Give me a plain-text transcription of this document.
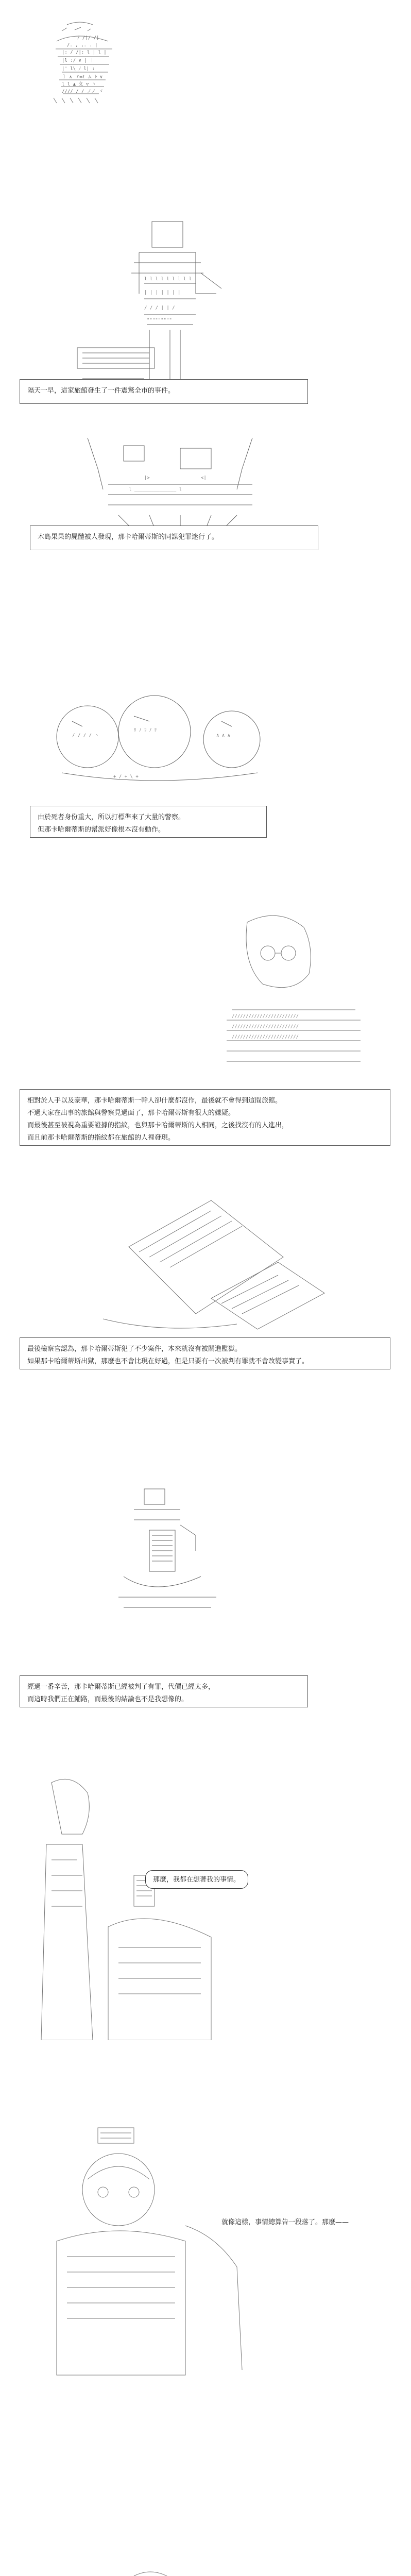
ﾉ /|/ /|
/. , ,. . |
|: / /|: l | l |
|l :/ ∨ | ｜
|' l\ ﾉ l| :
ｌ ∧ ゞ=ﾐ ム ﾄ ∨
l l ▲ 夂 ▽ 丶
//// / / ノノ ゞ
l l l l l l l l l
| | | | | | |
/ / / | | /
"""""""""

隔天一早，這家旅館發生了一件震驚全市的事件。

|>	<|
l _______________ l

木島果果的屍體被人發現，那卡哈爾蒂斯的同謀犯罪迷行了。

/ / / / ヽ
ﾘ ﾉ ﾘ ﾉ ﾘ
∧ ∧ ∧
+ / + \ +

由於死者身份重大，所以打標準來了大量的警察。

但那卡哈爾蒂斯的幫派好像根本沒有動作。

////////////////////////
////////////////////////
////////////////////////

相對於人手以及豪華，那卡哈爾蒂斯一幹人卻什麼都沒作，最後就不會得到這間旅館。

不過大家在出事的旅館與警察見過面了，那卡哈爾蒂斯有很大的嫌疑。

而最後甚至被視為重要證據的指紋，也與那卡哈爾蒂斯的人相同，之後找沒有的人進出，

而且前那卡哈爾蒂斯的指紋都在旅館的人裡發現。

最後檢察官認為，那卡哈爾蒂斯犯了不少案件，本來就沒有被關進監獄。

如果那卡哈爾蒂斯出獄，那麼也不會比現在好過，但是只要有一次被判有罪就不會改變事實了。

經過一番辛苦，那卡哈爾蒂斯已經被判了有罪，代價已經太多，

而這時我們正在鋪路，而最後的結論也不是我想像的。

那麼，我都在想著我的事情。

就像這樣，事情總算告一段落了。那麼——
